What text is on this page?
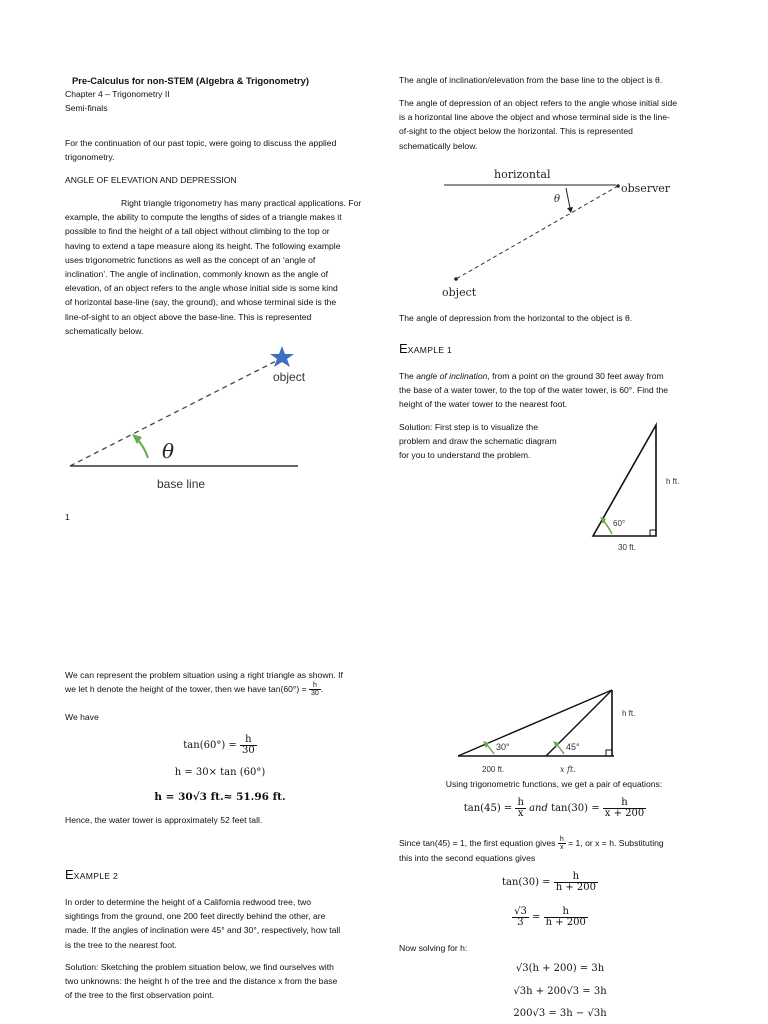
Pre-Calculus for non-STEM (Algebra & Trigonometry)
Chapter 4 – Trigonometry II
Semi-finals
For the continuation of our past topic, were going to discuss the applied trigonometry.
ANGLE OF ELEVATION AND DEPRESSION
Right triangle trigonometry has many practical applications. For
example, the ability to compute the lengths of sides of a triangle makes it
possible to find the height of a tall object without climbing to the top or
having to extend a tape measure along its height. The following example
uses trigonometric functions as well as the concept of an ‘angle of
inclination’. The angle of inclination, commonly known as the angle of
elevation, of an object refers to the angle whose initial side is some kind
of horizontal base-line (say, the ground), and whose terminal side is the
line-of-sight to an object above the base-line. This is represented
schematically below.
θ
object
base line
1
The angle of inclination/elevation from the base line to the object is θ.
The angle of depression of an object refers to the angle whose initial side
is a horizontal line above the object and whose terminal side is the line-
of-sight to the object below the horizontal. This is represented
schematically below.
horizontal
observer
θ
object
The angle of depression from the horizontal to the object is θ.
EXAMPLE 1
The angle of inclination, from a point on the ground 30 feet away from
the base of a water tower, to the top of the water tower, is 60°. Find the
height of the water tower to the nearest foot.
Solution: First step is to visualize the
problem and draw the schematic diagram
for you to understand the problem.
60°
h ft.
30 ft.
We can represent the problem situation using a right triangle as shown. If
we let h denote the height of the tower, then we have $\tan(60^\circ) = \frac{h}{30}$ .
We have
$\tan(60^\circ) = \frac{h}{30}$
h = 30× tan (60°)
h = 30√3 ft.≈ 51.96 ft.
Hence, the water tower is approximately 52 feet tall.
EXAMPLE 2
In order to determine the height of a California redwood tree, two
sightings from the ground, one 200 feet directly behind the other, are
made. If the angles of inclination were 45° and 30°, respectively, how tall
is the tree to the nearest foot.
Solution: Sketching the problem situation below, we find ourselves with
two unknowns: the height h of the tree and the distance x from the base
of the tree to the first observation point.
30°	45°
h ft.
200 ft.	x ft.
Using trigonometric functions, we get a pair of equations:
$\tan(45) = \frac{h}{x}$ and $\tan(30) = \frac{h}{x + 200}$
Since tan(45) = 1, the first equation gives $\frac{h}{x} = 1$, or x = h. Substituting
this into the second equations gives
$\tan(30) = \frac{h}{h + 200}$
$\frac{√3}{3} = \frac{h}{h + 200}$
Now solving for h:
√3(h + 200) = 3h
√3h + 200√3 = 3h
200√3 = 3h − √3h
